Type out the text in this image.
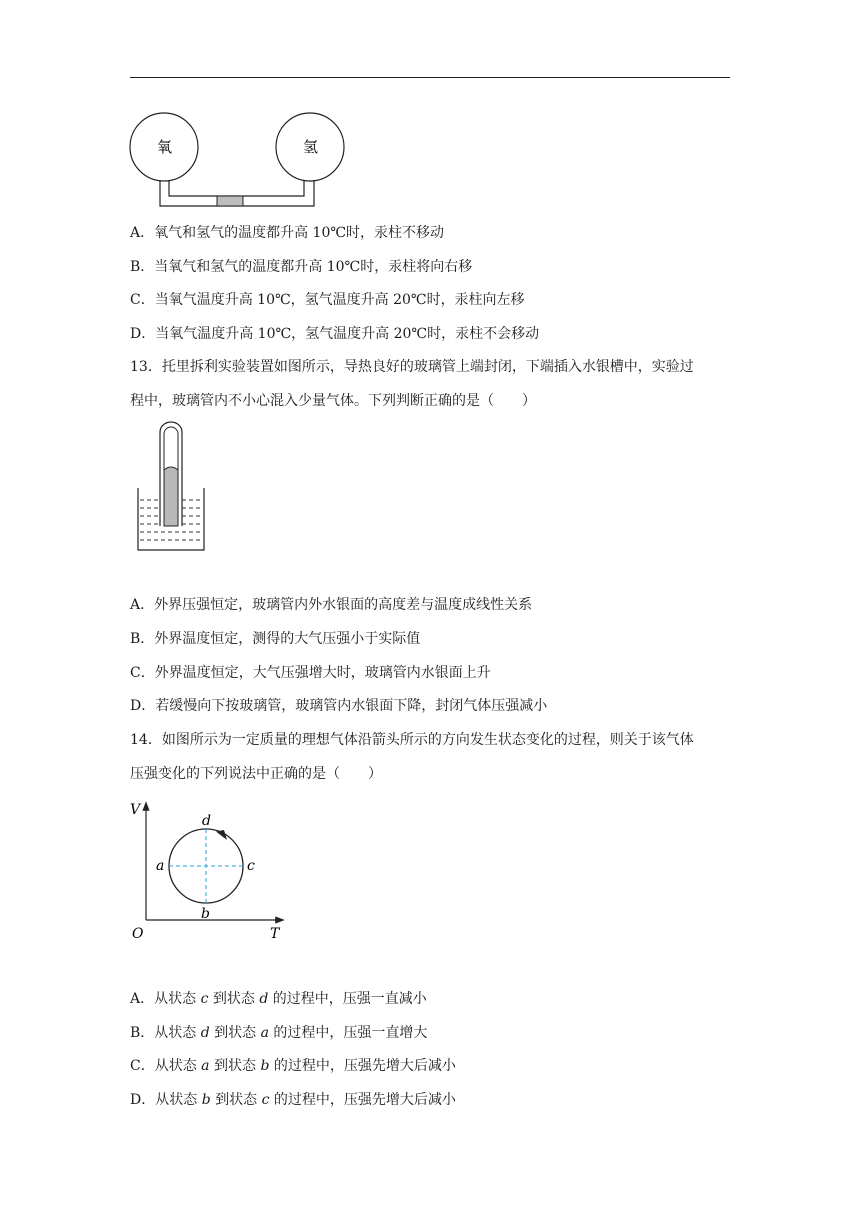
氧	氢
A．氧气和氢气的温度都升高 10℃时，汞柱不移动
B．当氧气和氢气的温度都升高 10℃时，汞柱将向右移
C．当氧气温度升高 10℃，氢气温度升高 20℃时，汞柱向左移
D．当氧气温度升高 10℃，氢气温度升高 20℃时，汞柱不会移动
13．托里拆利实验装置如图所示，导热良好的玻璃管上端封闭，下端插入水银槽中，实验过
程中，玻璃管内不小心混入少量气体。下列判断正确的是（　　）
A．外界压强恒定，玻璃管内外水银面的高度差与温度成线性关系
B．外界温度恒定，测得的大气压强小于实际值
C．外界温度恒定，大气压强增大时，玻璃管内水银面上升
D．若缓慢向下按玻璃管，玻璃管内水银面下降，封闭气体压强减小
14．如图所示为一定质量的理想气体沿箭头所示的方向发生状态变化的过程，则关于该气体
压强变化的下列说法中正确的是（　　）
V
T
O
a
b
c
d
A．从状态 c 到状态 d 的过程中，压强一直减小
B．从状态 d 到状态 a 的过程中，压强一直增大
C．从状态 a 到状态 b 的过程中，压强先增大后减小
D．从状态 b 到状态 c 的过程中，压强先增大后减小
